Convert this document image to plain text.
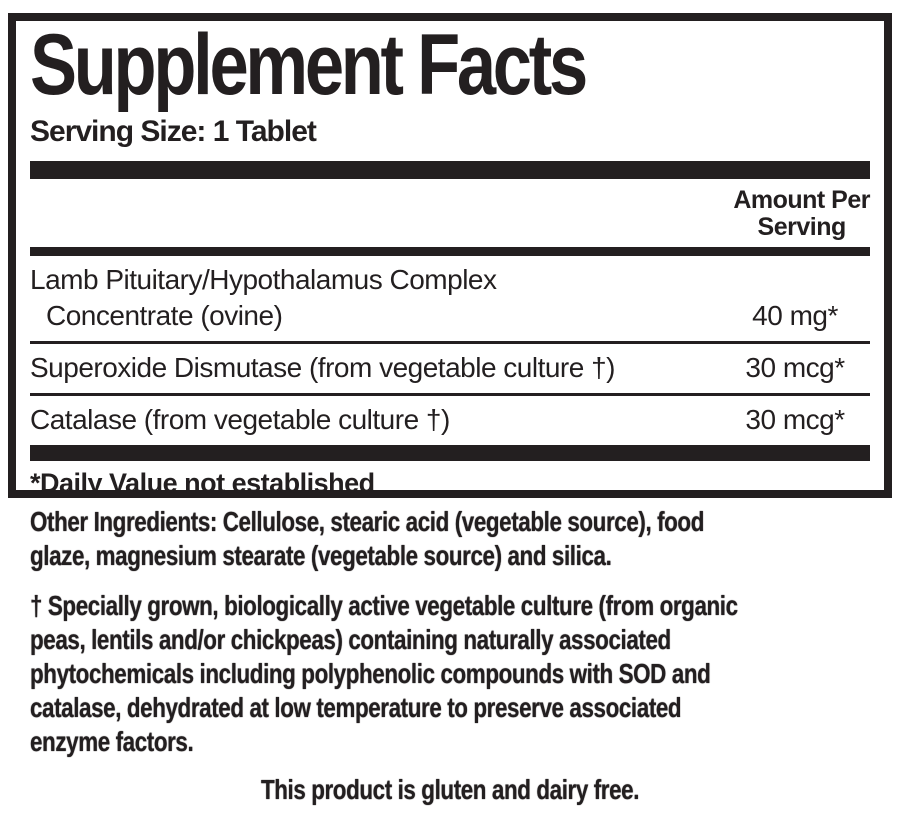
Supplement Facts
Serving Size: 1 Tablet
Amount Per
Serving
Lamb Pituitary/Hypothalamus Complex
Concentrate (ovine)	40 mg*
Superoxide Dismutase (from vegetable culture †)	30 mcg*
Catalase (from vegetable culture †)	30 mcg*
*Daily Value not established
Other Ingredients: Cellulose, stearic acid (vegetable source), food
glaze, magnesium stearate (vegetable source) and silica.
† Specially grown, biologically active vegetable culture (from organic
peas, lentils and/or chickpeas) containing naturally associated
phytochemicals including polyphenolic compounds with SOD and
catalase, dehydrated at low temperature to preserve associated
enzyme factors.
This product is gluten and dairy free.
